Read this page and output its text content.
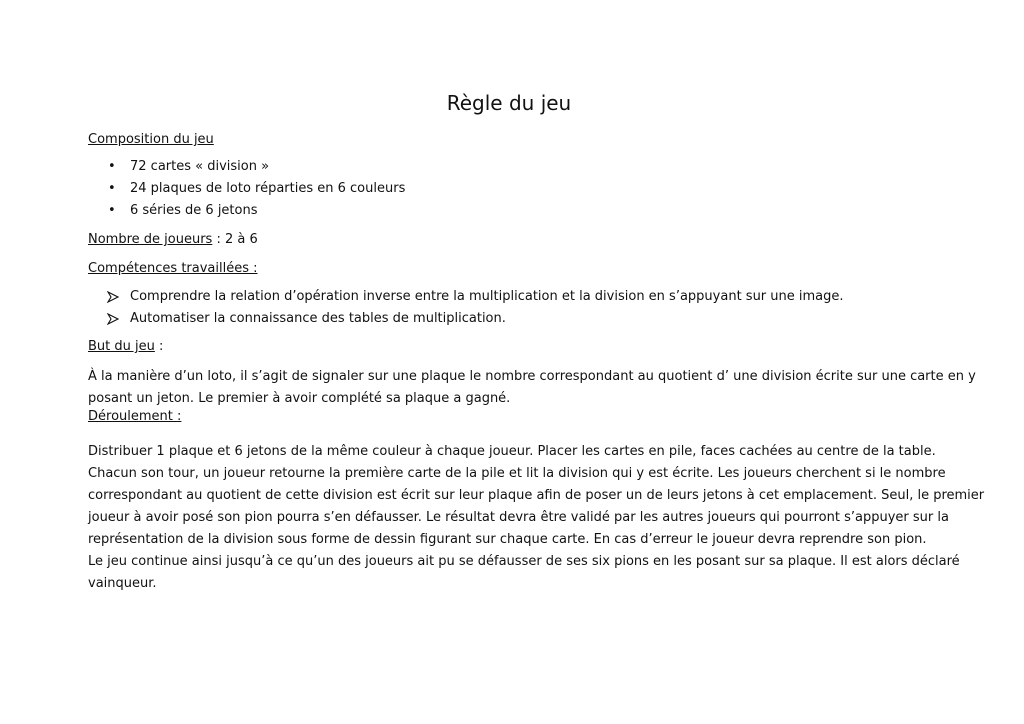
Règle du jeu
Composition du jeu
• 72 cartes « division »
• 24 plaques de loto réparties en 6 couleurs
• 6 séries de 6 jetons
Nombre de joueurs : 2 à 6
Compétences travaillées :
Comprendre la relation d’opération inverse entre la multiplication et la division en s’appuyant sur une image.
Automatiser la connaissance des tables de multiplication.
But du jeu :

À la manière d’un loto, il s’agit de signaler sur une plaque le nombre correspondant au quotient d’ une division écrite sur une carte en y

posant un jeton. Le premier à avoir complété sa plaque a gagné.

Déroulement :

Distribuer 1 plaque et 6 jetons de la même couleur à chaque joueur. Placer les cartes en pile, faces cachées au centre de la table.

Chacun son tour, un joueur retourne la première carte de la pile et lit la division qui y est écrite. Les joueurs cherchent si le nombre

correspondant au quotient de cette division est écrit sur leur plaque afin de poser un de leurs jetons à cet emplacement. Seul, le premier

joueur à avoir posé son pion pourra s’en défausser. Le résultat devra être validé par les autres joueurs qui pourront s’appuyer sur la

représentation de la division sous forme de dessin figurant sur chaque carte. En cas d’erreur le joueur devra reprendre son pion.

Le jeu continue ainsi jusqu’à ce qu’un des joueurs ait pu se défausser de ses six pions en les posant sur sa plaque. Il est alors déclaré

vainqueur.
